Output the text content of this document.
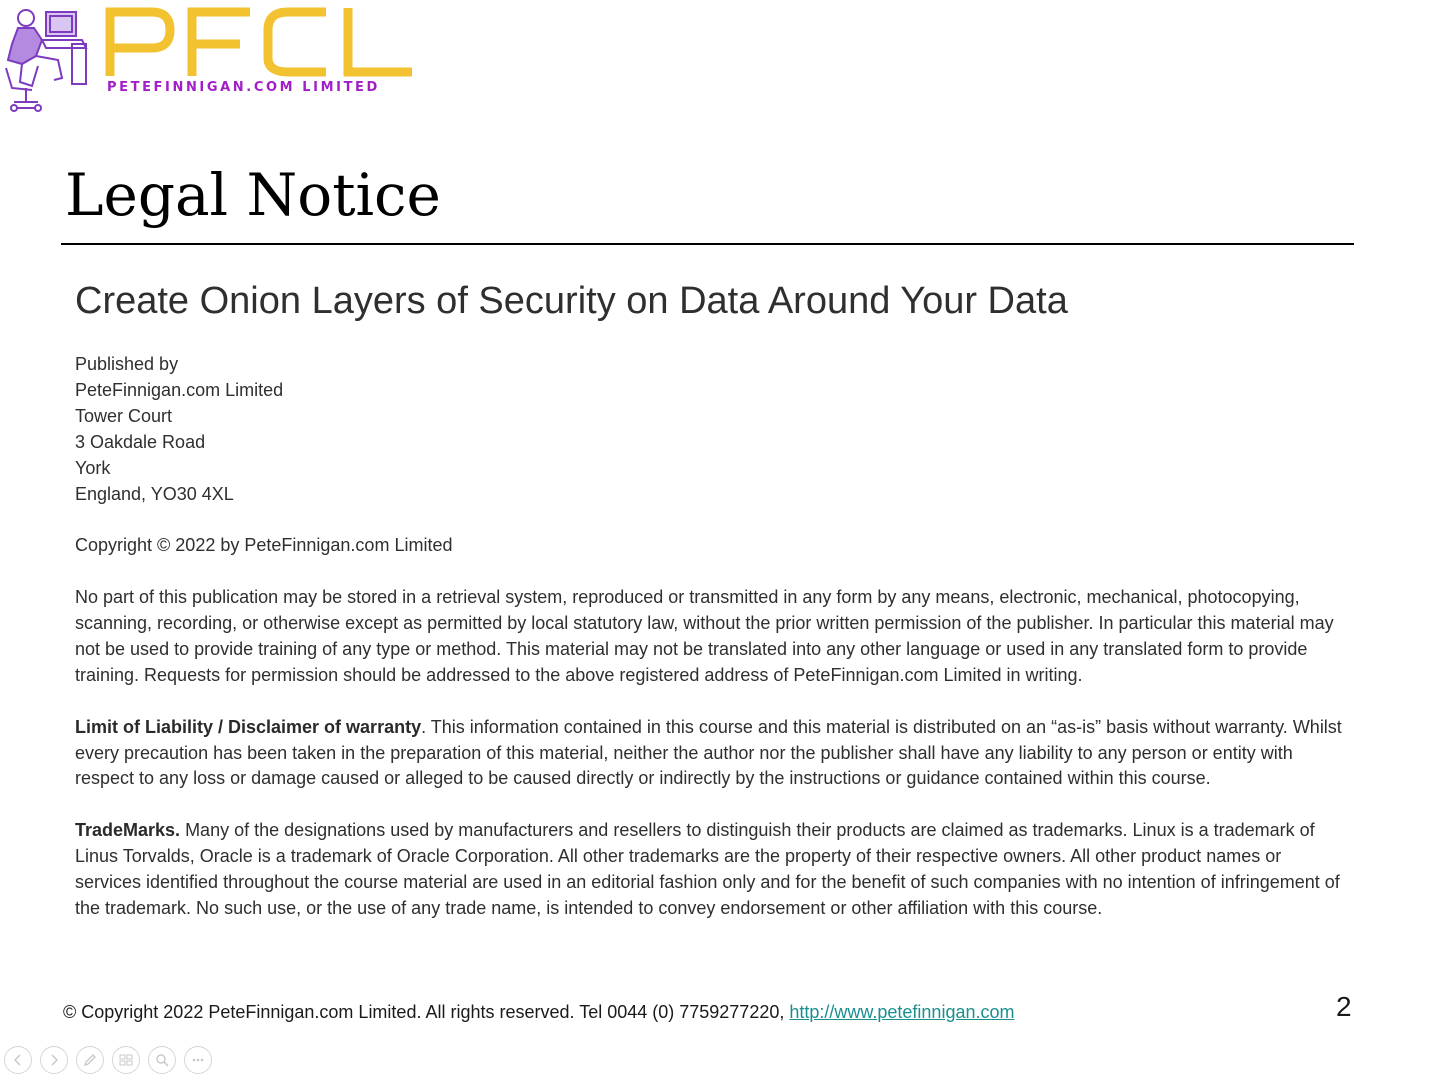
PETEFINNIGAN.COM LIMITED
Legal Notice
Create Onion Layers of Security on Data Around Your Data

Published by
PeteFinnigan.com Limited
Tower Court
3 Oakdale Road
York
England, YO30 4XL

Copyright © 2022 by PeteFinnigan.com Limited

No part of this publication may be stored in a retrieval system, reproduced or transmitted in any form by any means, electronic, mechanical, photocopying, scanning, recording, or otherwise except as permitted by local statutory law, without the prior written permission of the publisher. In particular this material may not be used to provide training of any type or method. This material may not be translated into any other language or used in any translated form to provide training. Requests for permission should be addressed to the above registered address of PeteFinnigan.com Limited in writing.

Limit of Liability / Disclaimer of warranty. This information contained in this course and this material is distributed on an “as-is” basis without warranty. Whilst every precaution has been taken in the preparation of this material, neither the author nor the publisher shall have any liability to any person or entity with respect to any loss or damage caused or alleged to be caused directly or indirectly by the instructions or guidance contained within this course.

TradeMarks. Many of the designations used by manufacturers and resellers to distinguish their products are claimed as trademarks. Linux is a trademark of Linus Torvalds, Oracle is a trademark of Oracle Corporation. All other trademarks are the property of their respective owners. All other product names or services identified throughout the course material are used in an editorial fashion only and for the benefit of such companies with no intention of infringement of the trademark. No such use, or the use of any trade name, is intended to convey endorsement or other affiliation with this course.

© Copyright 2022 PeteFinnigan.com Limited. All rights reserved. Tel 0044 (0) 7759277220, http://www.petefinnigan.com	2
